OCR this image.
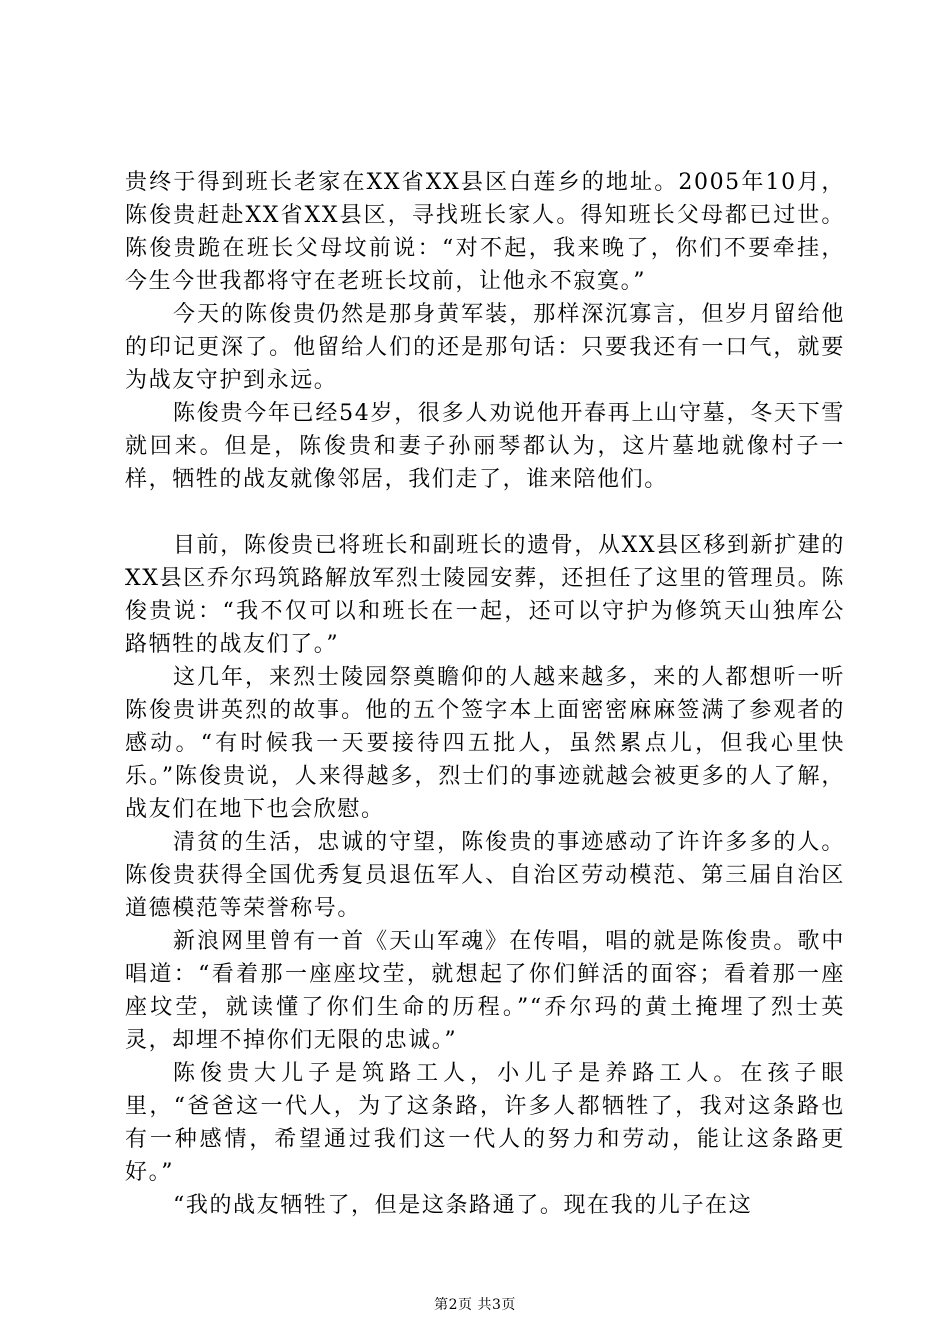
贵终于得到班长老家在XX省XX县区白莲乡的地址。2005年10月，陈俊贵赶赴XX省XX县区，寻找班长家人。得知班长父母都已过世。陈俊贵跪在班长父母坟前说：“对不起，我来晚了，你们不要牵挂，今生今世我都将守在老班长坟前，让他永不寂寞。”

今天的陈俊贵仍然是那身黄军装，那样深沉寡言，但岁月留给他的印记更深了。他留给人们的还是那句话：只要我还有一口气，就要为战友守护到永远。

陈俊贵今年已经54岁，很多人劝说他开春再上山守墓，冬天下雪就回来。但是，陈俊贵和妻子孙丽琴都认为，这片墓地就像村子一样，牺牲的战友就像邻居，我们走了，谁来陪他们。

目前，陈俊贵已将班长和副班长的遗骨，从XX县区移到新扩建的XX县区乔尔玛筑路解放军烈士陵园安葬，还担任了这里的管理员。陈俊贵说：“我不仅可以和班长在一起，还可以守护为修筑天山独库公路牺牲的战友们了。”

这几年，来烈士陵园祭奠瞻仰的人越来越多，来的人都想听一听陈俊贵讲英烈的故事。他的五个签字本上面密密麻麻签满了参观者的感动。“有时候我一天要接待四五批人，虽然累点儿，但我心里快乐。”陈俊贵说，人来得越多，烈士们的事迹就越会被更多的人了解，战友们在地下也会欣慰。

清贫的生活，忠诚的守望，陈俊贵的事迹感动了许许多多的人。陈俊贵获得全国优秀复员退伍军人、自治区劳动模范、第三届自治区道德模范等荣誉称号。

新浪网里曾有一首《天山军魂》在传唱，唱的就是陈俊贵。歌中唱道：“看着那一座座坟茔，就想起了你们鲜活的面容；看着那一座座坟茔，就读懂了你们生命的历程。”“乔尔玛的黄土掩埋了烈士英灵，却埋不掉你们无限的忠诚。”

陈俊贵大儿子是筑路工人，小儿子是养路工人。在孩子眼里，“爸爸这一代人，为了这条路，许多人都牺牲了，我对这条路也有一种感情，希望通过我们这一代人的努力和劳动，能让这条路更好。”

“我的战友牺牲了，但是这条路通了。现在我的儿子在这

第2页 共3页
